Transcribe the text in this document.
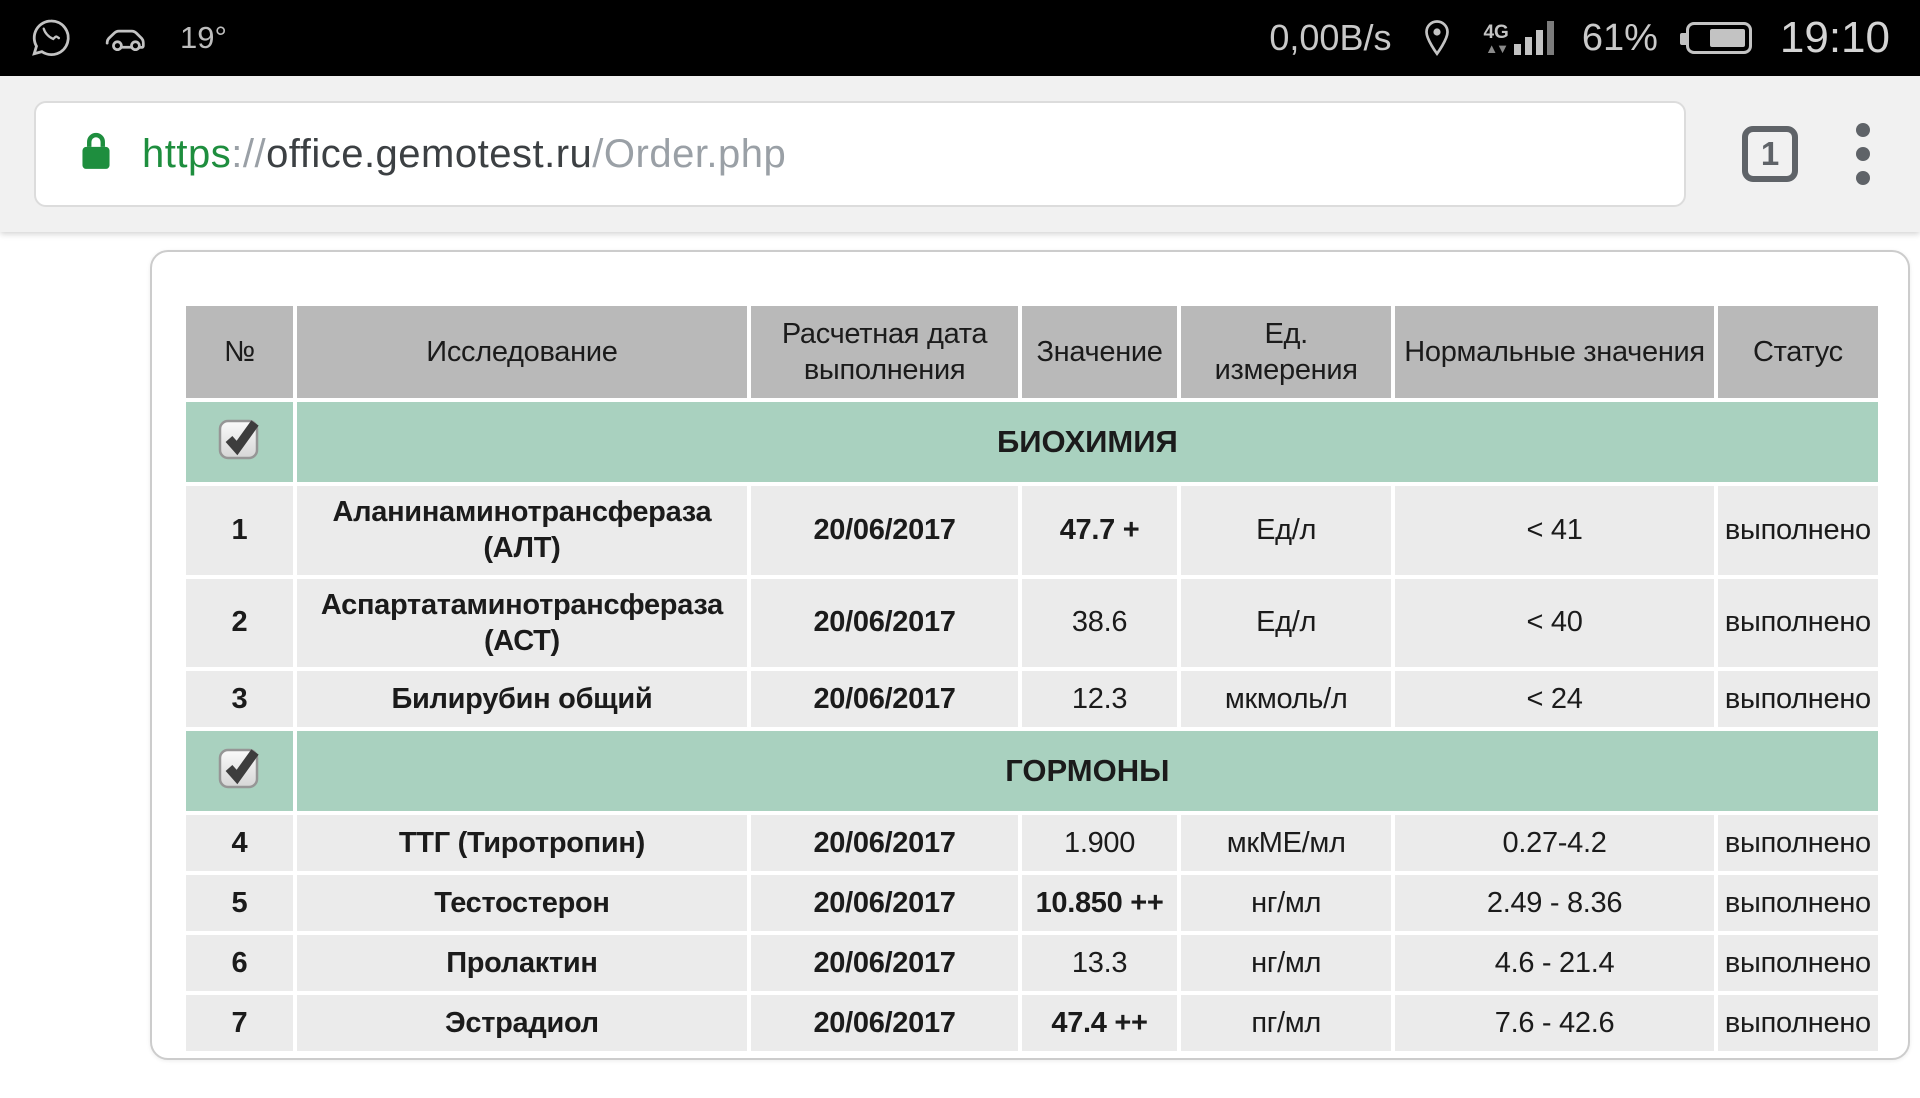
19°	0,00B/s	4G
▲▼ 61%	19:10
https://office.gemotest.ru/Order.php	1
№	Исследование	Расчетная дата выполнения	Значение	Ед. измерения	Нормальные значения	Статус

	БИОХИМИЯ					
1	Аланинаминотрансфераза (АЛТ)	20/06/2017	47.7 +	Ед/л	< 41	выполнено
2	Аспартатаминотрансфераза (АСТ)	20/06/2017	38.6	Ед/л	< 40	выполнено
3	Билирубин общий	20/06/2017	12.3	мкмоль/л	< 24	выполнено

	ГОРМОНЫ					
4	ТТГ (Тиротропин)	20/06/2017	1.900	мкМЕ/мл	0.27-4.2	выполнено
5	Тестостерон	20/06/2017	10.850 ++	нг/мл	2.49 - 8.36	выполнено
6	Пролактин	20/06/2017	13.3	нг/мл	4.6 - 21.4	выполнено
7	Эстрадиол	20/06/2017	47.4 ++	пг/мл	7.6 - 42.6	выполнено
